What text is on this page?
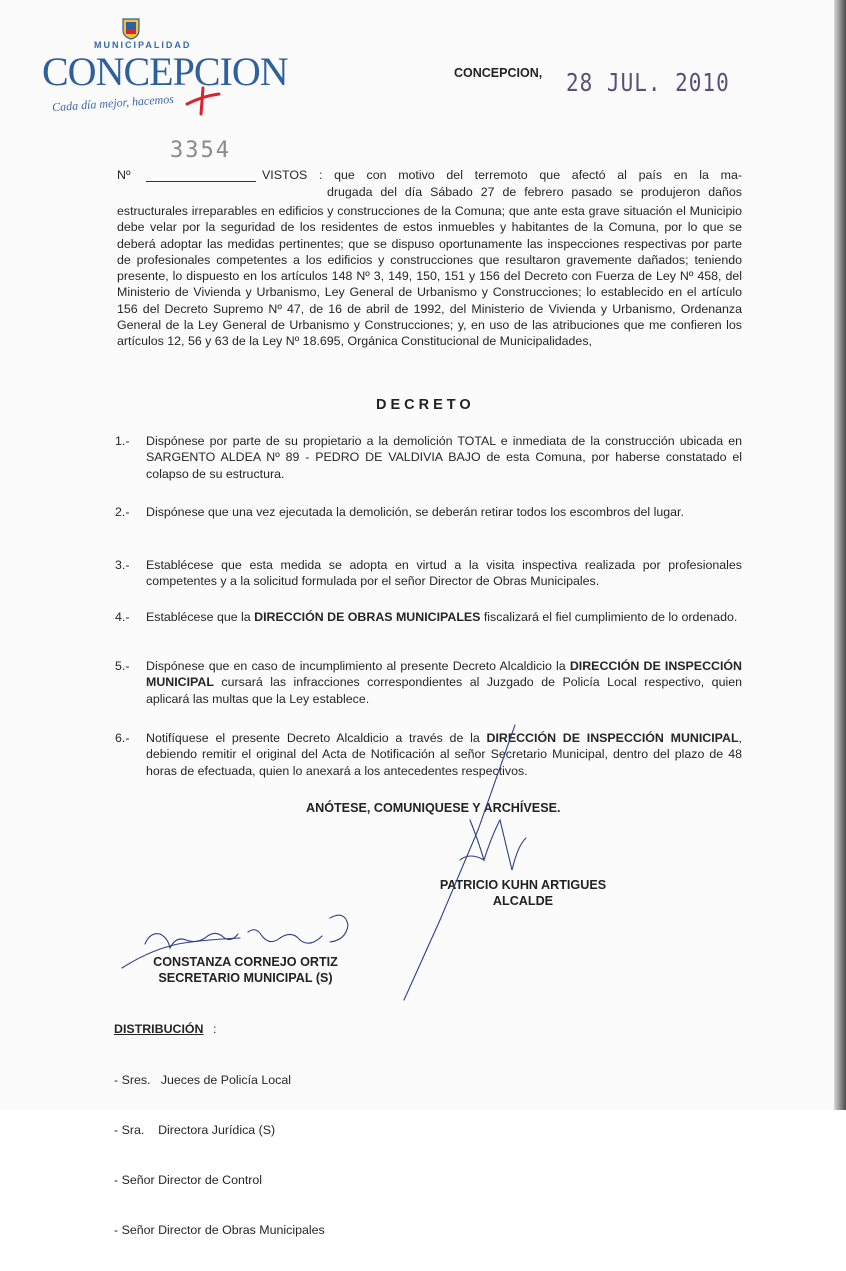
MUNICIPALIDAD
CONCEPCION
Cada día mejor, hacemos
CONCEPCION, 28 JUL. 2010
3354
Nº	VISTOS : que con motivo del terremoto que afectó al país en la ma-
drugada del día Sábado 27 de febrero pasado se produjeron daños
estructurales irreparables en edificios y construcciones de la Comuna; que ante esta grave situación el Municipio debe velar por la seguridad de los residentes de estos inmuebles y habitantes de la Comuna, por lo que se deberá adoptar las medidas pertinentes; que se dispuso oportunamente las inspecciones respectivas por parte de profesionales competentes a los edificios y construcciones que resultaron gravemente dañados; teniendo presente, lo dispuesto en los artículos 148 Nº 3, 149, 150, 151 y 156 del Decreto con Fuerza de Ley Nº 458, del Ministerio de Vivienda y Urbanismo, Ley General de Urbanismo y Construcciones; lo establecido en el artículo 156 del Decreto Supremo Nº 47, de 16 de abril de 1992, del Ministerio de Vivienda y Urbanismo, Ordenanza General de la Ley General de Urbanismo y Construcciones; y, en uso de las atribuciones que me confieren los artículos 12, 56 y 63 de la Ley Nº 18.695, Orgánica Constitucional de Municipalidades,
DECRETO
1.- Dispónese por parte de su propietario a la demolición TOTAL e inmediata de la construcción ubicada en SARGENTO ALDEA Nº 89 - PEDRO DE VALDIVIA BAJO de esta Comuna, por haberse constatado el colapso de su estructura.
2.- Dispónese que una vez ejecutada la demolición, se deberán retirar todos los escombros del lugar.
3.- Establécese que esta medida se adopta en virtud a la visita inspectiva realizada por profesionales competentes y a la solicitud formulada por el señor Director de Obras Municipales.
4.- Establécese que la DIRECCIÓN DE OBRAS MUNICIPALES fiscalizará el fiel cumplimiento de lo ordenado.
5.- Dispónese que en caso de incumplimiento al presente Decreto Alcaldicio la DIRECCIÓN DE INSPECCIÓN MUNICIPAL cursará las infracciones correspondientes al Juzgado de Policía Local respectivo, quien aplicará las multas que la Ley establece.
6.- Notifíquese el presente Decreto Alcaldicio a través de la DIRECCIÓN DE INSPECCIÓN MUNICIPAL, debiendo remitir el original del Acta de Notificación al señor Secretario Municipal, dentro del plazo de 48 horas de efectuada, quien lo anexará a los antecedentes respectivos.
ANÓTESE, COMUNIQUESE Y ARCHÍVESE.
PATRICIO KUHN ARTIGUES
ALCALDE
CONSTANZA CORNEJO ORTIZ
SECRETARIO MUNICIPAL (S)
DISTRIBUCIÓN :

- Sres.   Jueces de Policía Local

- Sra.    Directora Jurídica (S)

- Señor Director de Control

- Señor Director de Obras Municipales
